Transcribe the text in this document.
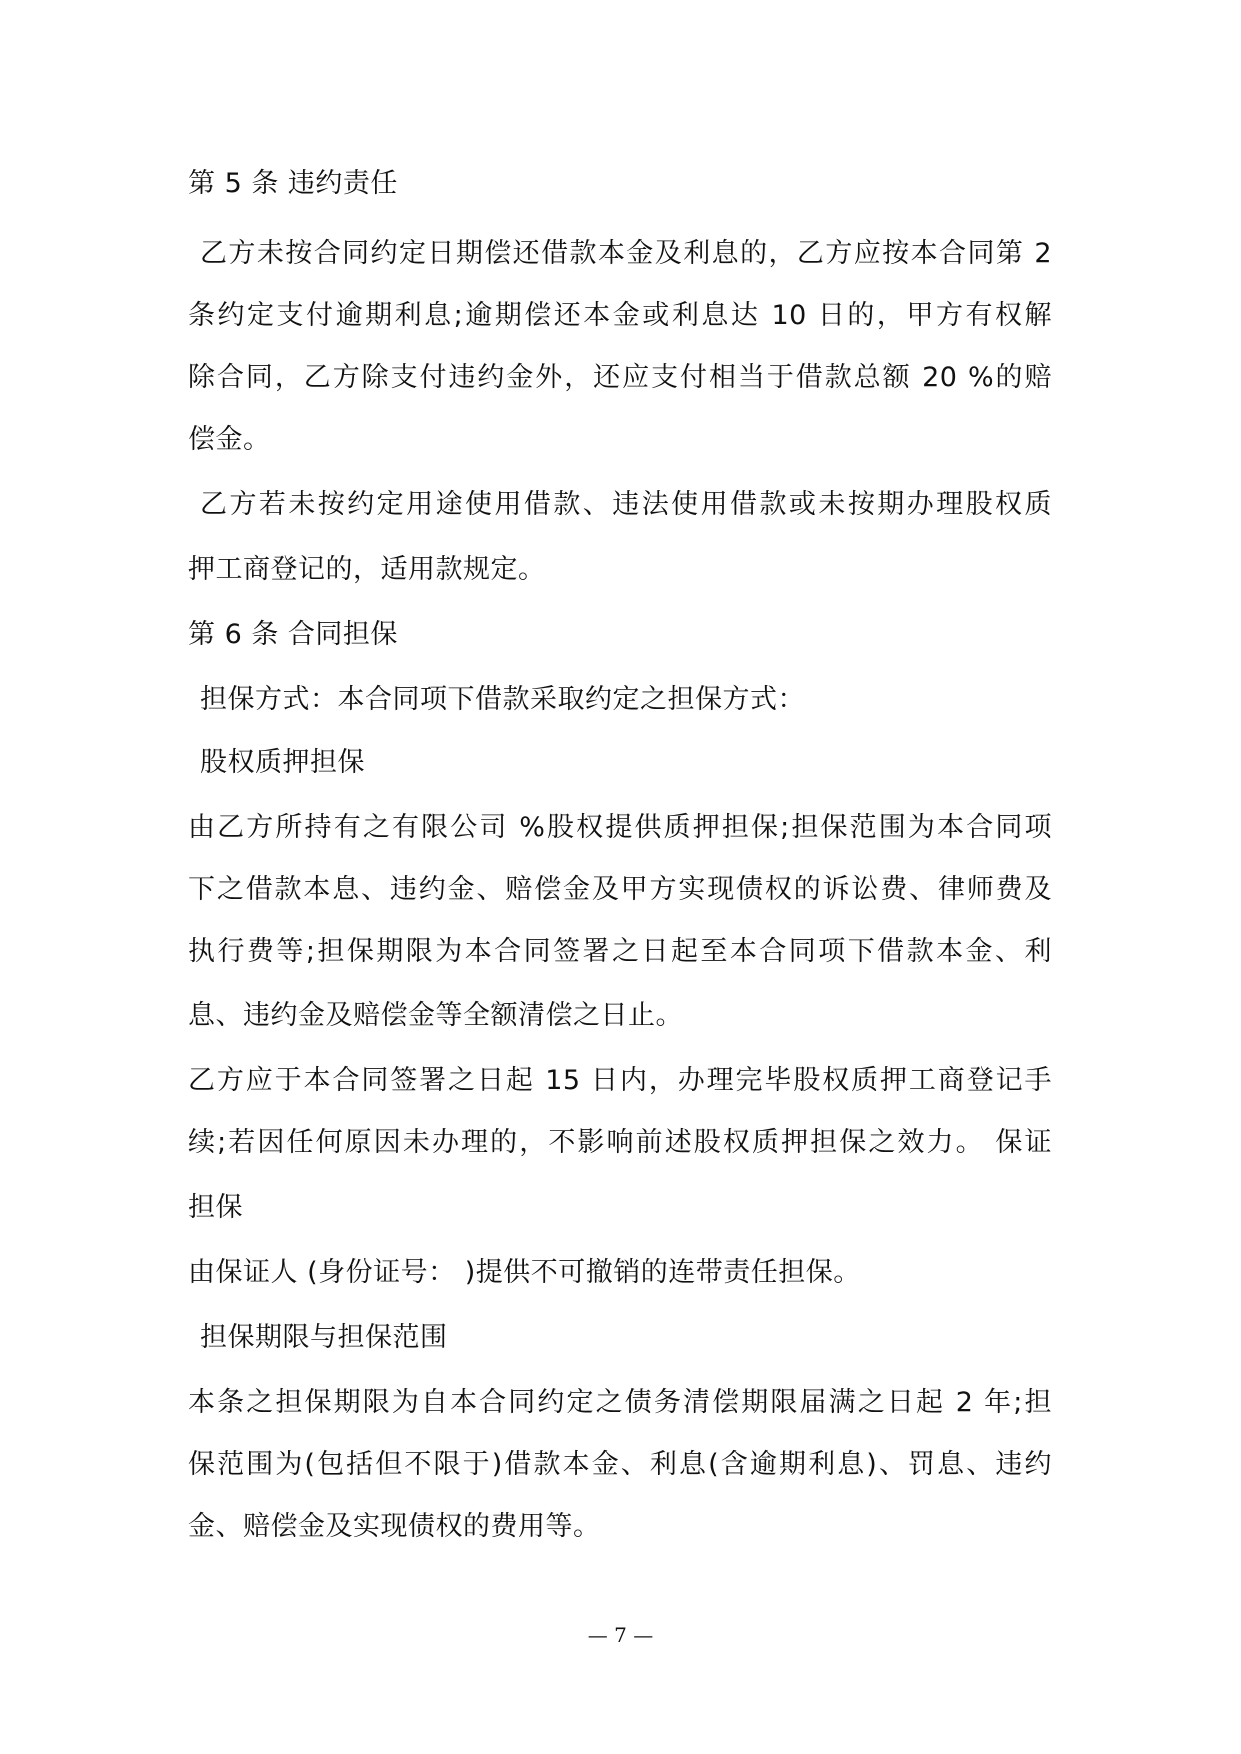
第 5 条 违约责任
乙方未按合同约定日期偿还借款本金及利息的，乙方应按本合同第 2
条约定支付逾期利息;逾期偿还本金或利息达 10 日的，甲方有权解
除合同，乙方除支付违约金外，还应支付相当于借款总额 20 %的赔
偿金。
乙方若未按约定用途使用借款、违法使用借款或未按期办理股权质
押工商登记的，适用款规定。
第 6 条 合同担保
担保方式：本合同项下借款采取约定之担保方式：
股权质押担保
由乙方所持有之有限公司 %股权提供质押担保;担保范围为本合同项
下之借款本息、违约金、赔偿金及甲方实现债权的诉讼费、律师费及
执行费等;担保期限为本合同签署之日起至本合同项下借款本金、利
息、违约金及赔偿金等全额清偿之日止。
乙方应于本合同签署之日起 15 日内，办理完毕股权质押工商登记手
续;若因任何原因未办理的，不影响前述股权质押担保之效力。 保证
担保
由保证人 (身份证号： )提供不可撤销的连带责任担保。
担保期限与担保范围
本条之担保期限为自本合同约定之债务清偿期限届满之日起 2 年;担
保范围为(包括但不限于)借款本金、利息(含逾期利息)、罚息、违约
金、赔偿金及实现债权的费用等。
— 7 —
